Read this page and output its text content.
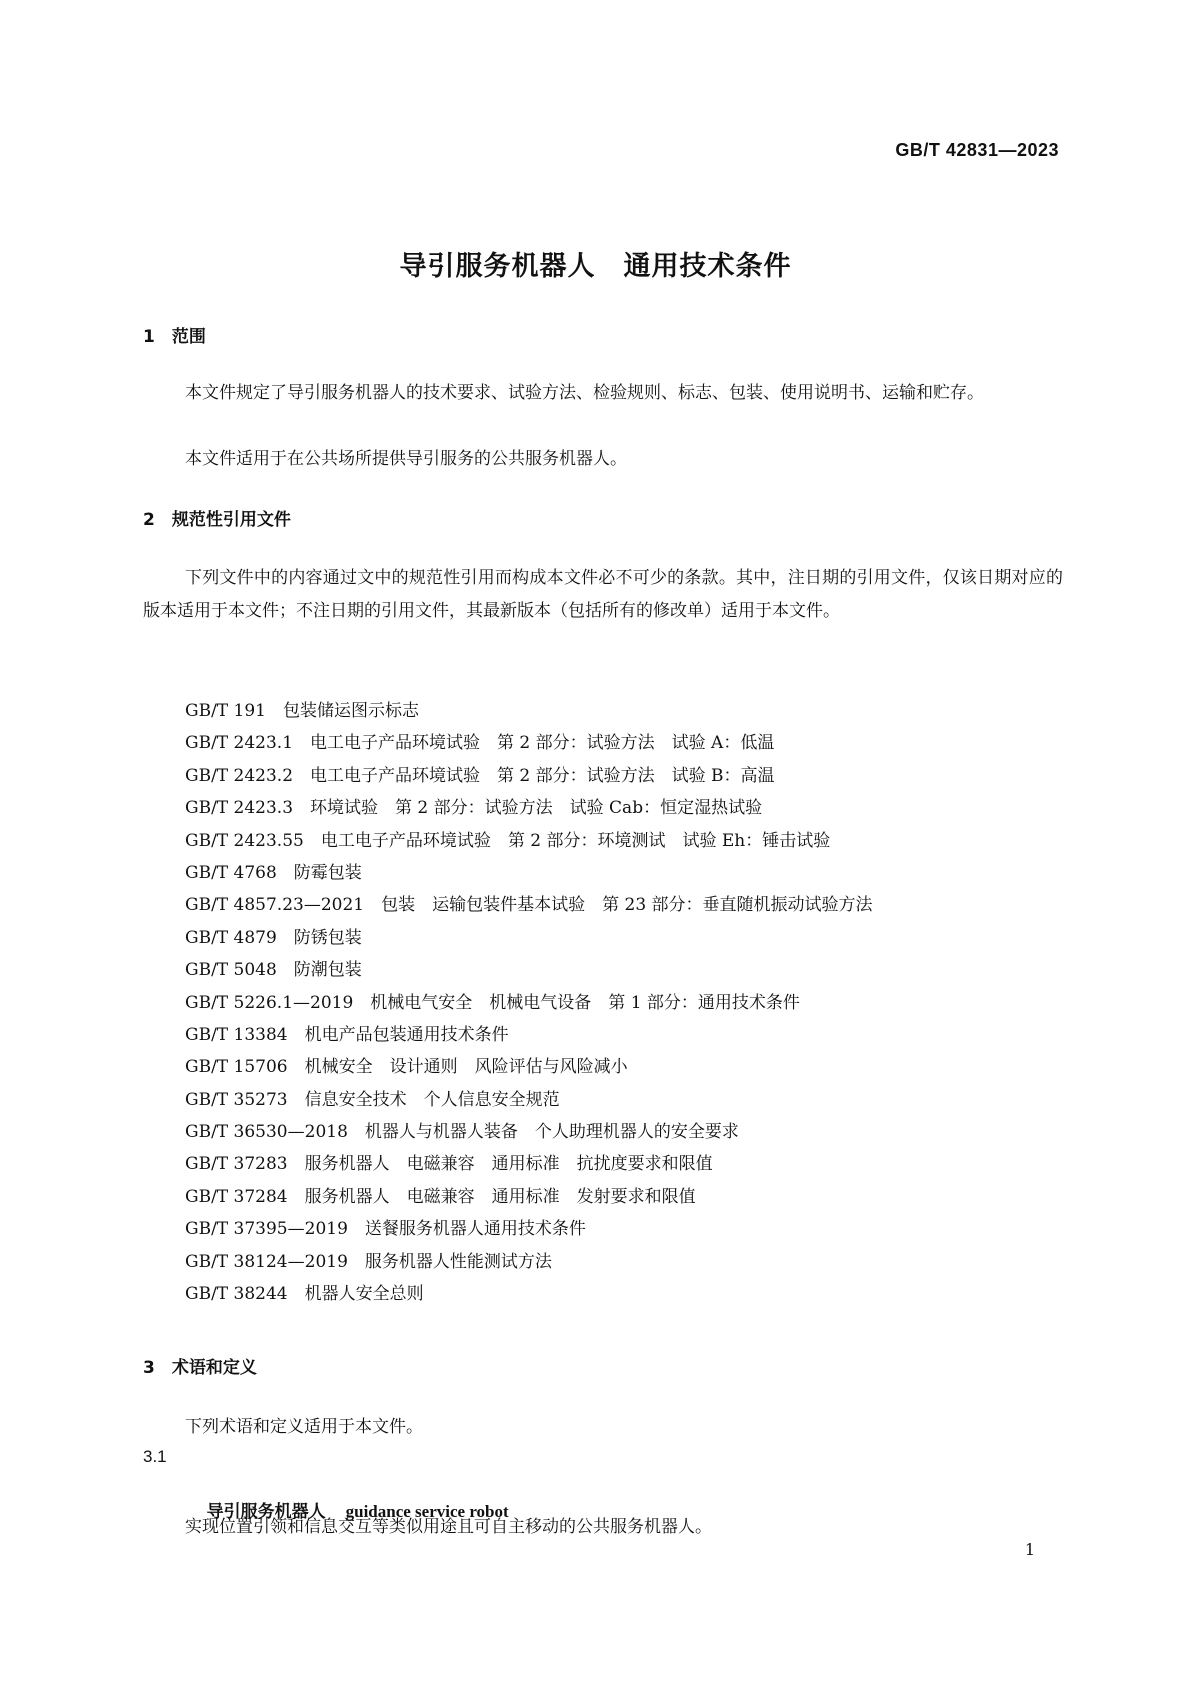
GB/T 42831—2023
导引服务机器人　通用技术条件
1　范围

本文件规定了导引服务机器人的技术要求、试验方法、检验规则、标志、包装、使用说明书、运输和贮存。

本文件适用于在公共场所提供导引服务的公共服务机器人。

2　规范性引用文件

下列文件中的内容通过文中的规范性引用而构成本文件必不可少的条款。其中，注日期的引用文件，仅该日期对应的版本适用于本文件；不注日期的引用文件，其最新版本（包括所有的修改单）适用于本文件。

GB/T 191　包装储运图示标志
GB/T 2423.1　电工电子产品环境试验　第 2 部分：试验方法　试验 A：低温
GB/T 2423.2　电工电子产品环境试验　第 2 部分：试验方法　试验 B：高温
GB/T 2423.3　环境试验　第 2 部分：试验方法　试验 Cab：恒定湿热试验
GB/T 2423.55　电工电子产品环境试验　第 2 部分：环境测试　试验 Eh：锤击试验
GB/T 4768　防霉包装
GB/T 4857.23—2021　包装　运输包装件基本试验　第 23 部分：垂直随机振动试验方法
GB/T 4879　防锈包装
GB/T 5048　防潮包装
GB/T 5226.1—2019　机械电气安全　机械电气设备　第 1 部分：通用技术条件
GB/T 13384　机电产品包装通用技术条件
GB/T 15706　机械安全　设计通则　风险评估与风险减小
GB/T 35273　信息安全技术　个人信息安全规范
GB/T 36530—2018　机器人与机器人装备　个人助理机器人的安全要求
GB/T 37283　服务机器人　电磁兼容　通用标准　抗扰度要求和限值
GB/T 37284　服务机器人　电磁兼容　通用标准　发射要求和限值
GB/T 37395—2019　送餐服务机器人通用技术条件
GB/T 38124—2019　服务机器人性能测试方法
GB/T 38244　机器人安全总则
3　术语和定义

下列术语和定义适用于本文件。

3.1

导引服务机器人 guidance service robot

实现位置引领和信息交互等类似用途且可自主移动的公共服务机器人。
1
